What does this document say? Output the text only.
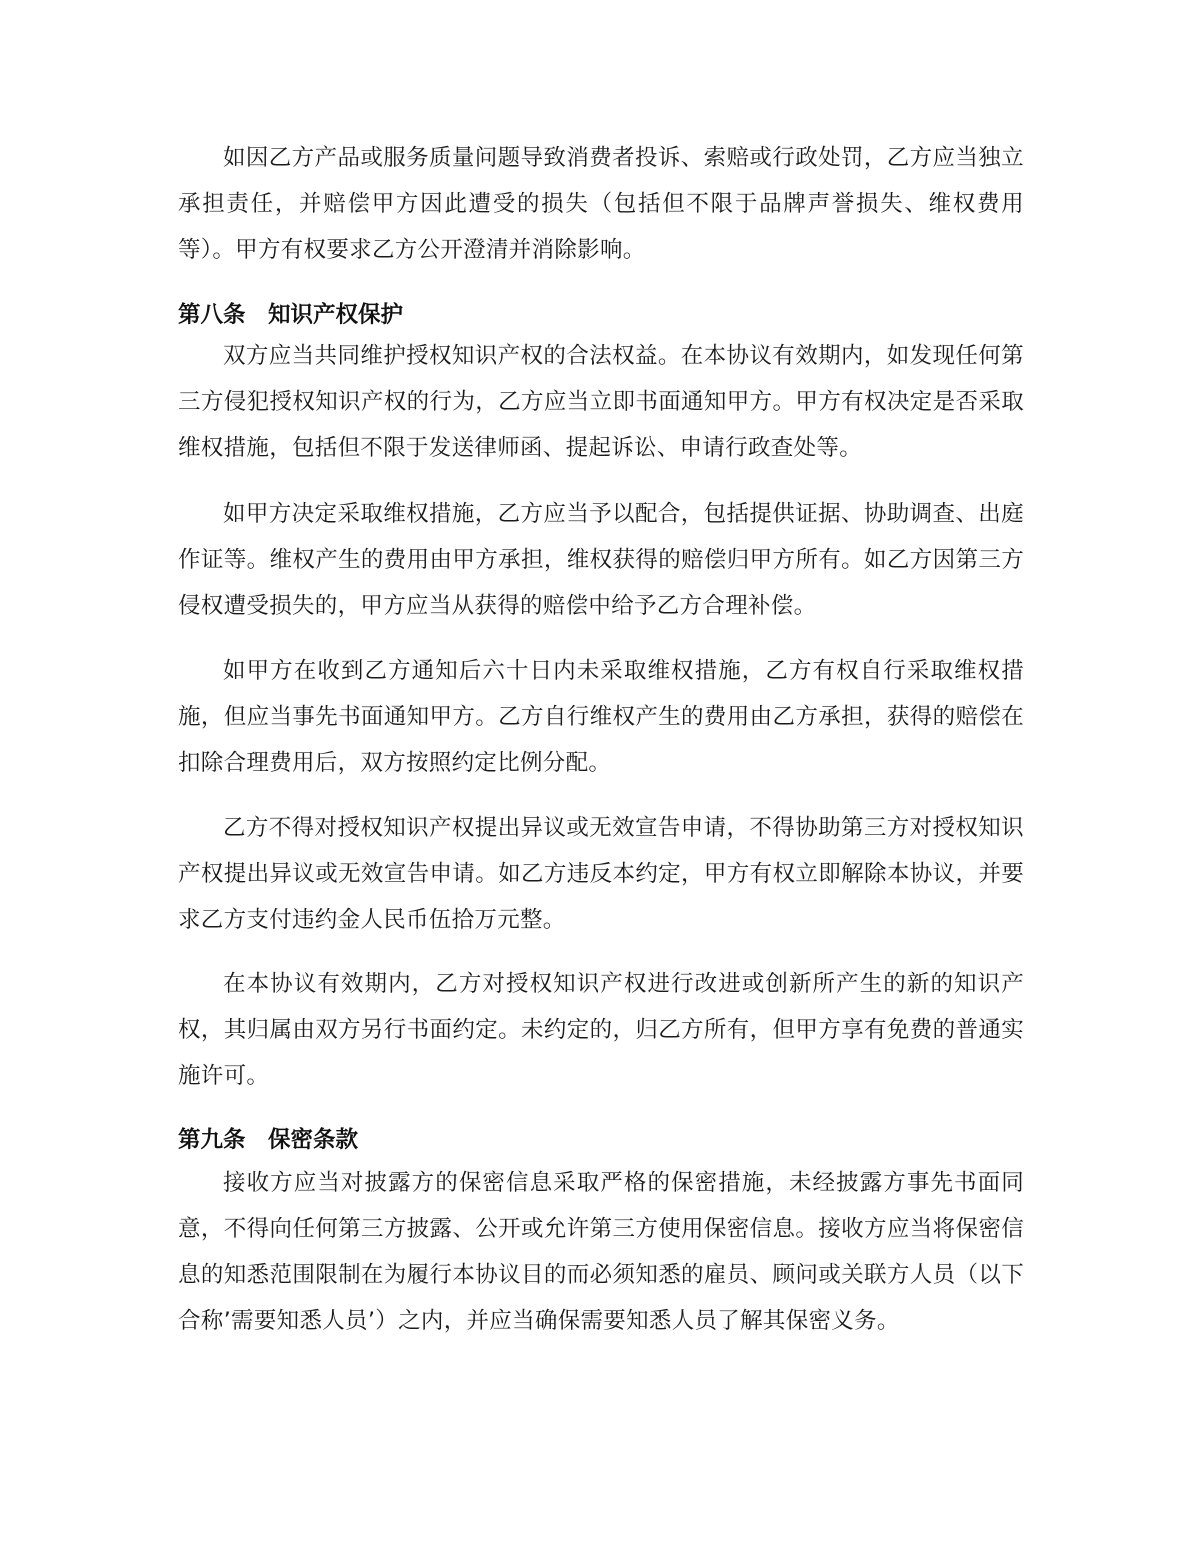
如因乙方产品或服务质量问题导致消费者投诉、索赔或行政处罚，乙方应当独立承担责任，并赔偿甲方因此遭受的损失（包括但不限于品牌声誉损失、维权费用等）。甲方有权要求乙方公开澄清并消除影响。
第八条　知识产权保护
双方应当共同维护授权知识产权的合法权益。在本协议有效期内，如发现任何第三方侵犯授权知识产权的行为，乙方应当立即书面通知甲方。甲方有权决定是否采取维权措施，包括但不限于发送律师函、提起诉讼、申请行政查处等。
如甲方决定采取维权措施，乙方应当予以配合，包括提供证据、协助调查、出庭作证等。维权产生的费用由甲方承担，维权获得的赔偿归甲方所有。如乙方因第三方侵权遭受损失的，甲方应当从获得的赔偿中给予乙方合理补偿。
如甲方在收到乙方通知后六十日内未采取维权措施，乙方有权自行采取维权措施，但应当事先书面通知甲方。乙方自行维权产生的费用由乙方承担，获得的赔偿在扣除合理费用后，双方按照约定比例分配。
乙方不得对授权知识产权提出异议或无效宣告申请，不得协助第三方对授权知识产权提出异议或无效宣告申请。如乙方违反本约定，甲方有权立即解除本协议，并要求乙方支付违约金人民币伍拾万元整。
在本协议有效期内，乙方对授权知识产权进行改进或创新所产生的新的知识产权，其归属由双方另行书面约定。未约定的，归乙方所有，但甲方享有免费的普通实施许可。
第九条　保密条款
接收方应当对披露方的保密信息采取严格的保密措施，未经披露方事先书面同意，不得向任何第三方披露、公开或允许第三方使用保密信息。接收方应当将保密信息的知悉范围限制在为履行本协议目的而必须知悉的雇员、顾问或关联方人员（以下合称’需要知悉人员’）之内，并应当确保需要知悉人员了解其保密义务。
